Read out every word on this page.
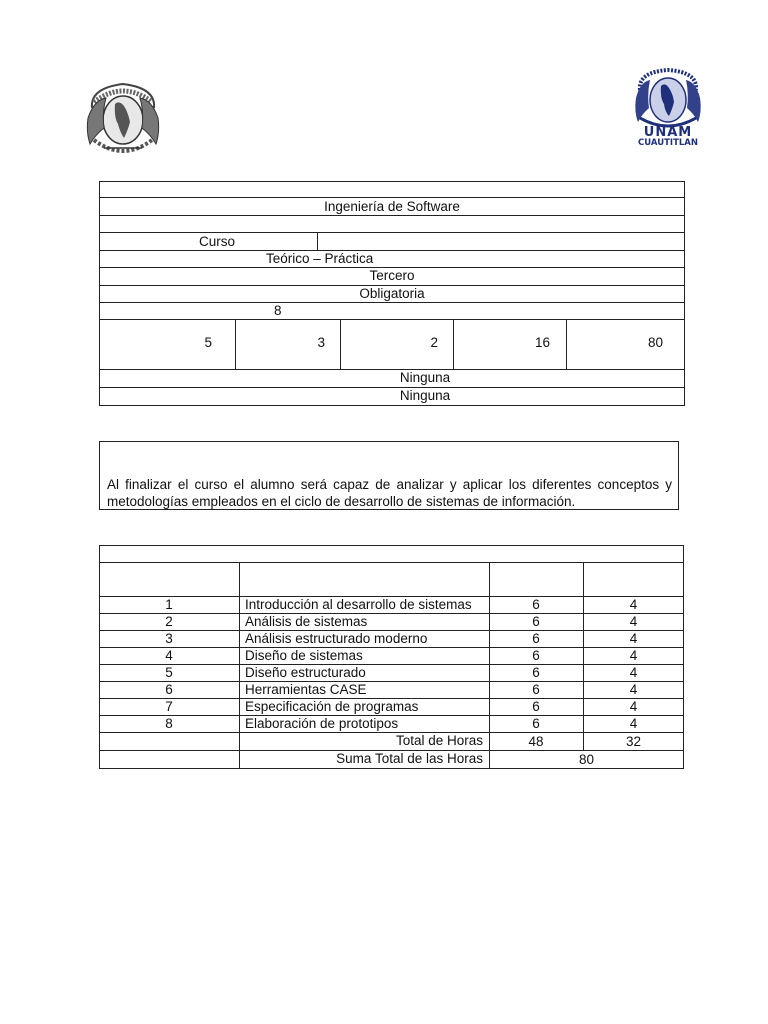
UNAM
CUAUTITLAN
Ingeniería de Software
Curso
Teórico – Práctica
Tercero
Obligatoria
8
5	3	2	16	80
Ninguna
Ninguna
Al finalizar el curso el alumno será capaz de analizar y aplicar los diferentes conceptos y
metodologías empleados en el ciclo de desarrollo de sistemas de información.
1	Introducción al desarrollo de sistemas	6	4
2	Análisis de sistemas	6	4
3	Análisis estructurado moderno	6	4
4	Diseño de sistemas	6	4
5	Diseño estructurado	6	4
6	Herramientas CASE	6	4
7	Especificación de programas	6	4
8	Elaboración de prototipos	6	4
Total de Horas	48	32
Suma Total de las Horas	80
